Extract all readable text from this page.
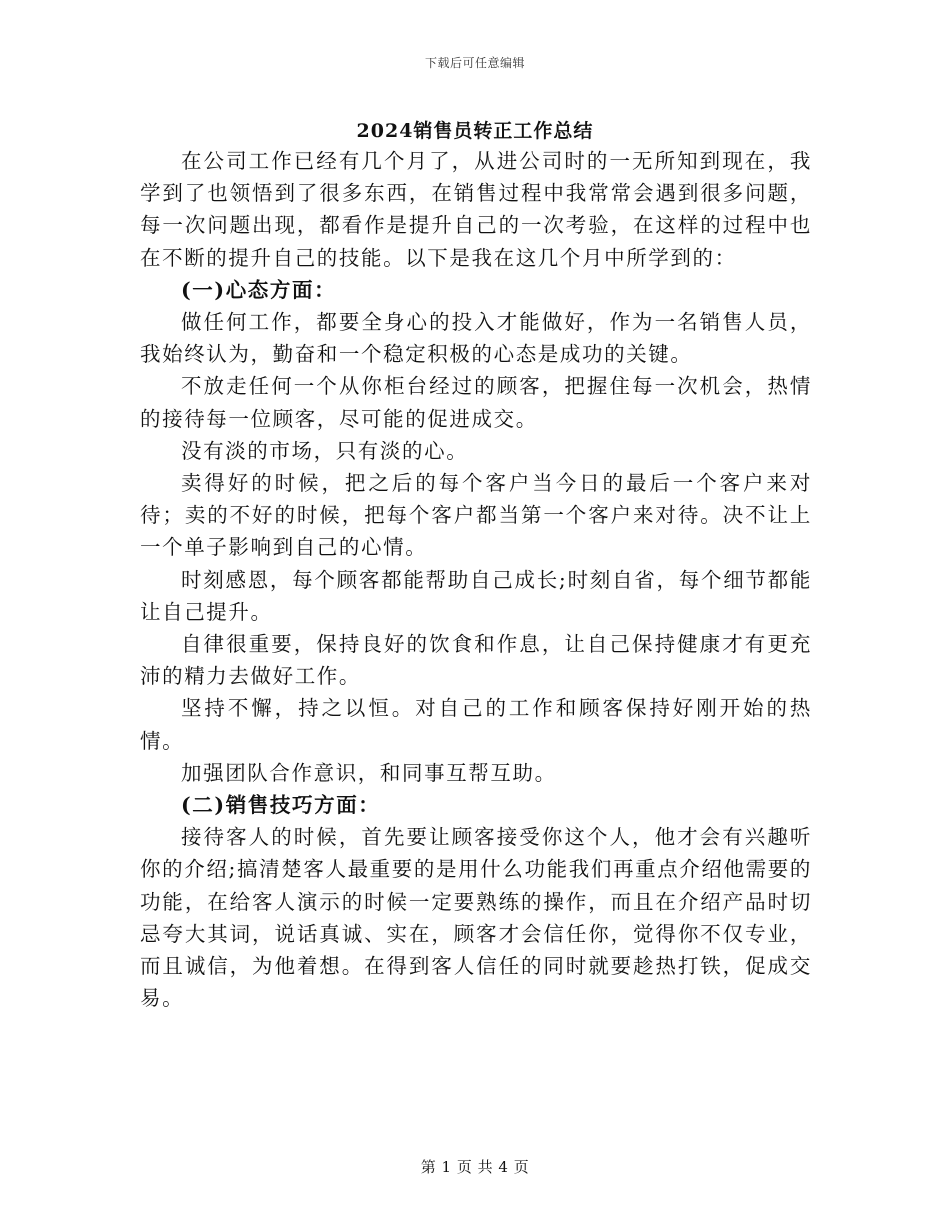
下载后可任意编辑
2024销售员转正工作总结

在公司工作已经有几个月了，从进公司时的一无所知到现在，我学到了也领悟到了很多东西，在销售过程中我常常会遇到很多问题，每一次问题出现，都看作是提升自己的一次考验，在这样的过程中也在不断的提升自己的技能。以下是我在这几个月中所学到的：

(一)心态方面：

做任何工作，都要全身心的投入才能做好，作为一名销售人员，我始终认为，勤奋和一个稳定积极的心态是成功的关键。

不放走任何一个从你柜台经过的顾客，把握住每一次机会，热情的接待每一位顾客，尽可能的促进成交。

没有淡的市场，只有淡的心。

卖得好的时候，把之后的每个客户当今日的最后一个客户来对待；卖的不好的时候，把每个客户都当第一个客户来对待。决不让上一个单子影响到自己的心情。

时刻感恩，每个顾客都能帮助自己成长;时刻自省，每个细节都能让自己提升。

自律很重要，保持良好的饮食和作息，让自己保持健康才有更充沛的精力去做好工作。

坚持不懈，持之以恒。对自己的工作和顾客保持好刚开始的热情。

加强团队合作意识，和同事互帮互助。

(二)销售技巧方面：

接待客人的时候，首先要让顾客接受你这个人，他才会有兴趣听你的介绍;搞清楚客人最重要的是用什么功能我们再重点介绍他需要的功能，在给客人演示的时候一定要熟练的操作，而且在介绍产品时切忌夸大其词，说话真诚、实在，顾客才会信任你，觉得你不仅专业，而且诚信，为他着想。在得到客人信任的同时就要趁热打铁，促成交易。

第 1 页 共 4 页
